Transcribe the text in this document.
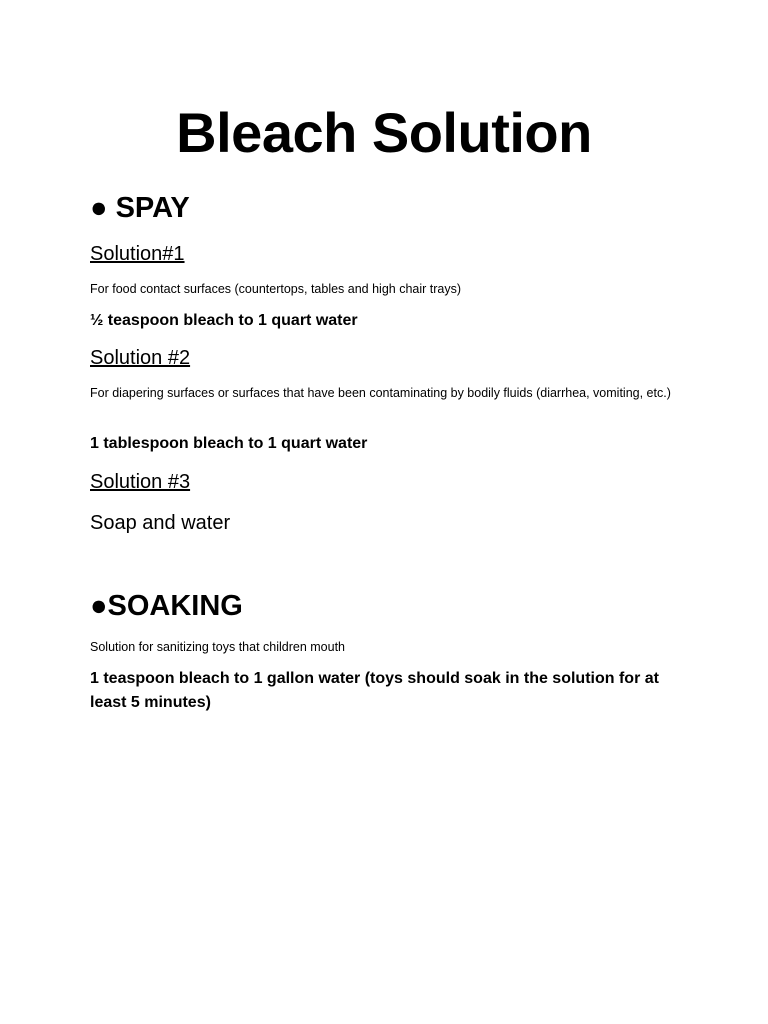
Bleach Solution
● SPAY
Solution#1
For food contact surfaces (countertops, tables and high chair trays)
½ teaspoon bleach to 1 quart water
Solution #2
For diapering surfaces or surfaces that have been contaminating by bodily fluids (diarrhea, vomiting, etc.)
1 tablespoon bleach to 1 quart water
Solution #3
Soap and water
●SOAKING
Solution for sanitizing toys that children mouth
1 teaspoon bleach to 1 gallon water (toys should soak in the solution for at least 5 minutes)
